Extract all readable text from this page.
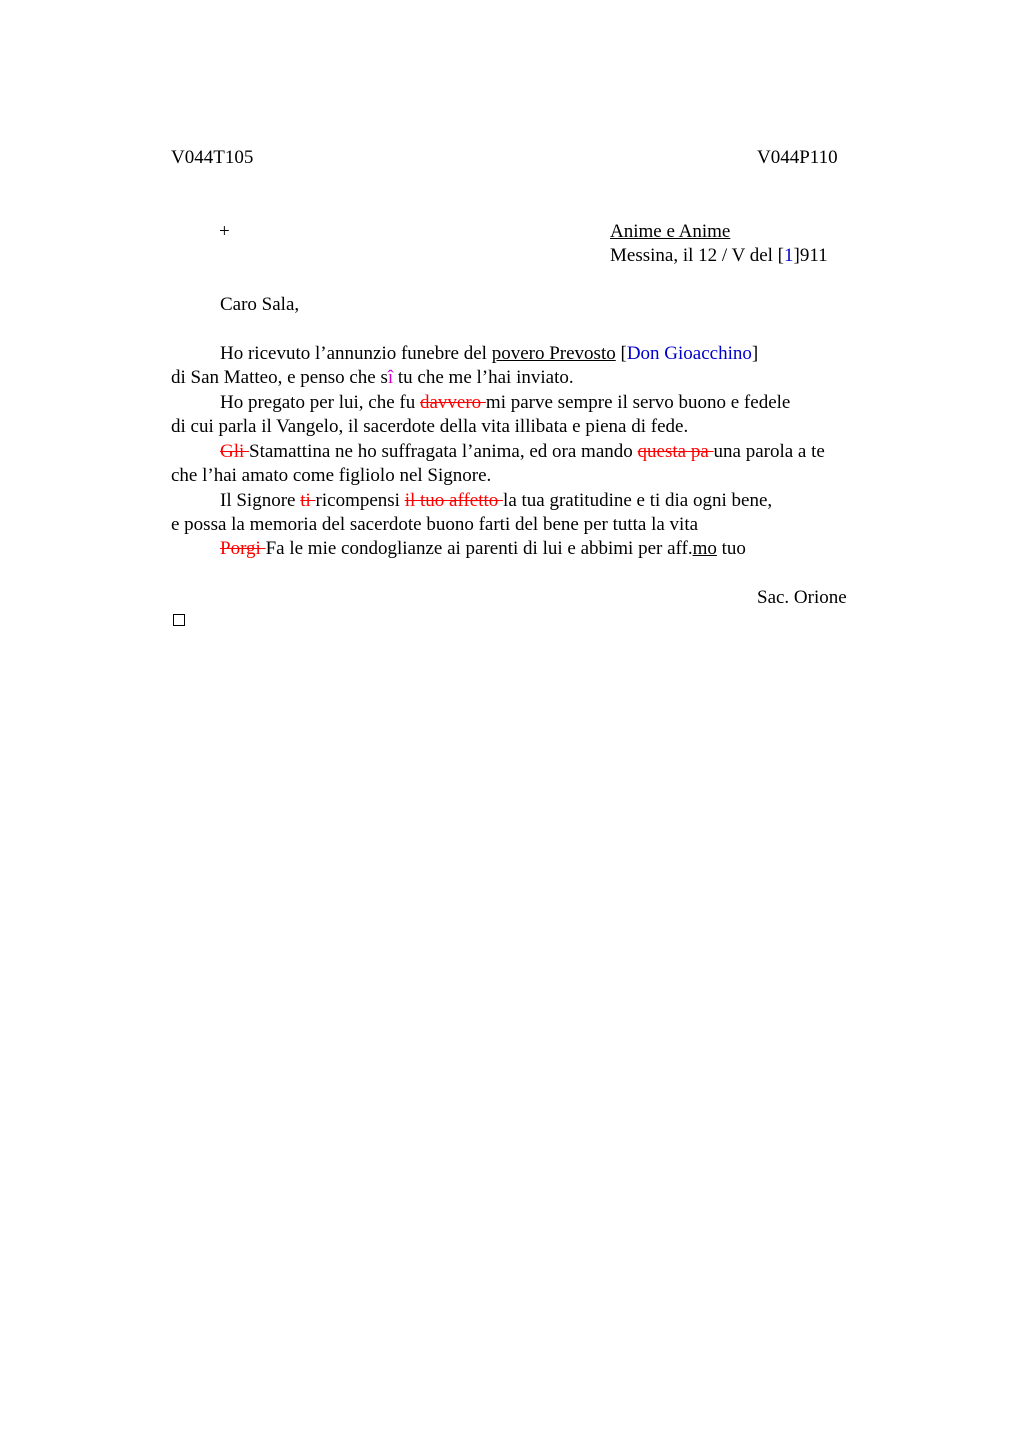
V044T105	V044P110
+	Anime e Anime
Messina, il 12 / V del [1]911
Caro Sala,
Ho ricevuto l’annunzio funebre del povero Prevosto [Don Gioacchino]
di San Matteo, e penso che sî tu che me l’hai inviato.
Ho pregato per lui, che fu davvero mi parve sempre il servo buono e fedele
di cui parla il Vangelo, il sacerdote della vita illibata e piena di fede.
Gli Stamattina ne ho suffragata l’anima, ed ora mando questa pa una parola a te
che l’hai amato come figliolo nel Signore.
Il Signore ti ricompensi il tuo affetto la tua gratitudine e ti dia ogni bene,
e possa la memoria del sacerdote buono farti del bene per tutta la vita
Porgi Fa le mie condoglianze ai parenti di lui e abbimi per aff.mo tuo
Sac. Orione
